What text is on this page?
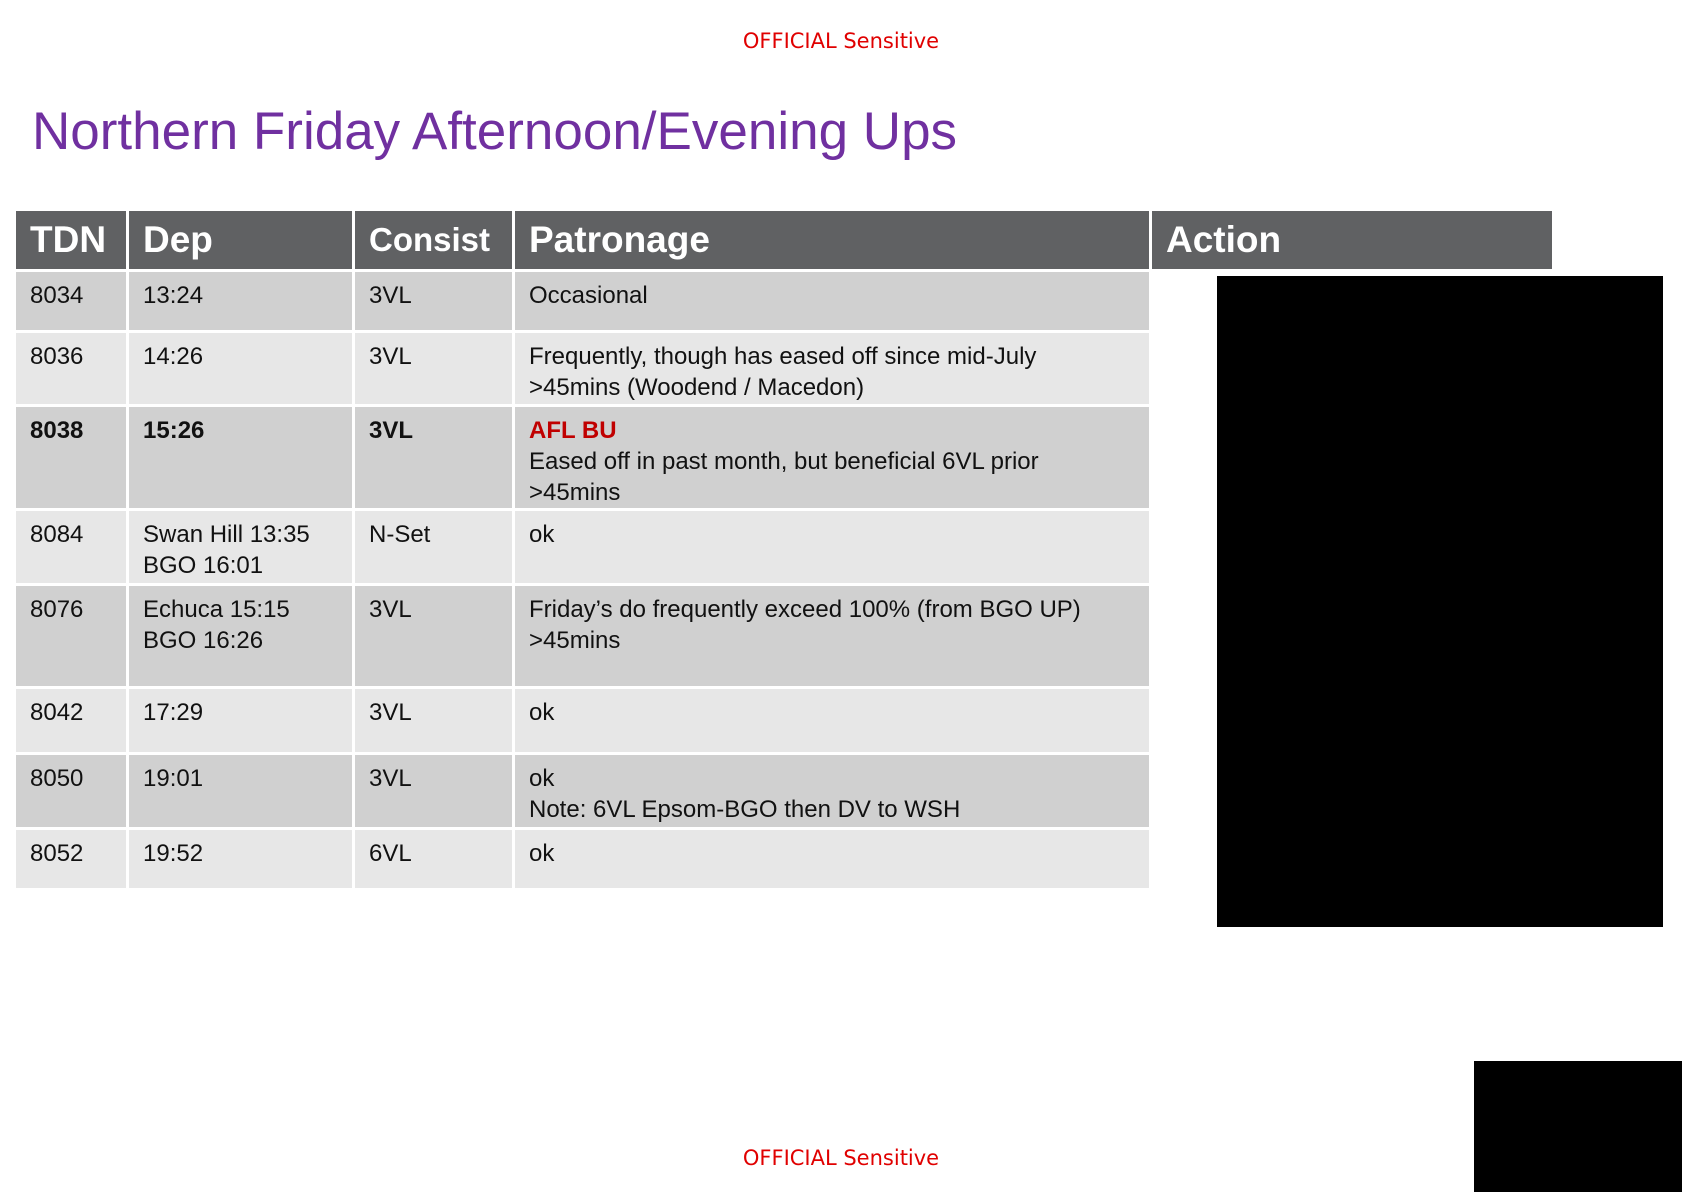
OFFICIAL Sensitive
Northern Friday Afternoon/Evening Ups
TDN	Dep	Consist	Patronage	Action
8034	13:24	3VL	Occasional	

8036	14:26	3VL	Frequently, though has eased off since mid-July
>45mins (Woodend / Macedon)	

8038	15:26	3VL	AFL BU
Eased off in past month, but beneficial 6VL prior
>45mins	

8084	Swan Hill 13:35
BGO 16:01	N-Set	ok	

8076	Echuca 15:15
BGO 16:26	3VL	Friday’s do frequently exceed 100% (from BGO UP)
>45mins	

8042	17:29	3VL	ok	

8050	19:01	3VL	ok
Note: 6VL Epsom-BGO then DV to WSH	

8052	19:52	6VL	ok	

OFFICIAL Sensitive
